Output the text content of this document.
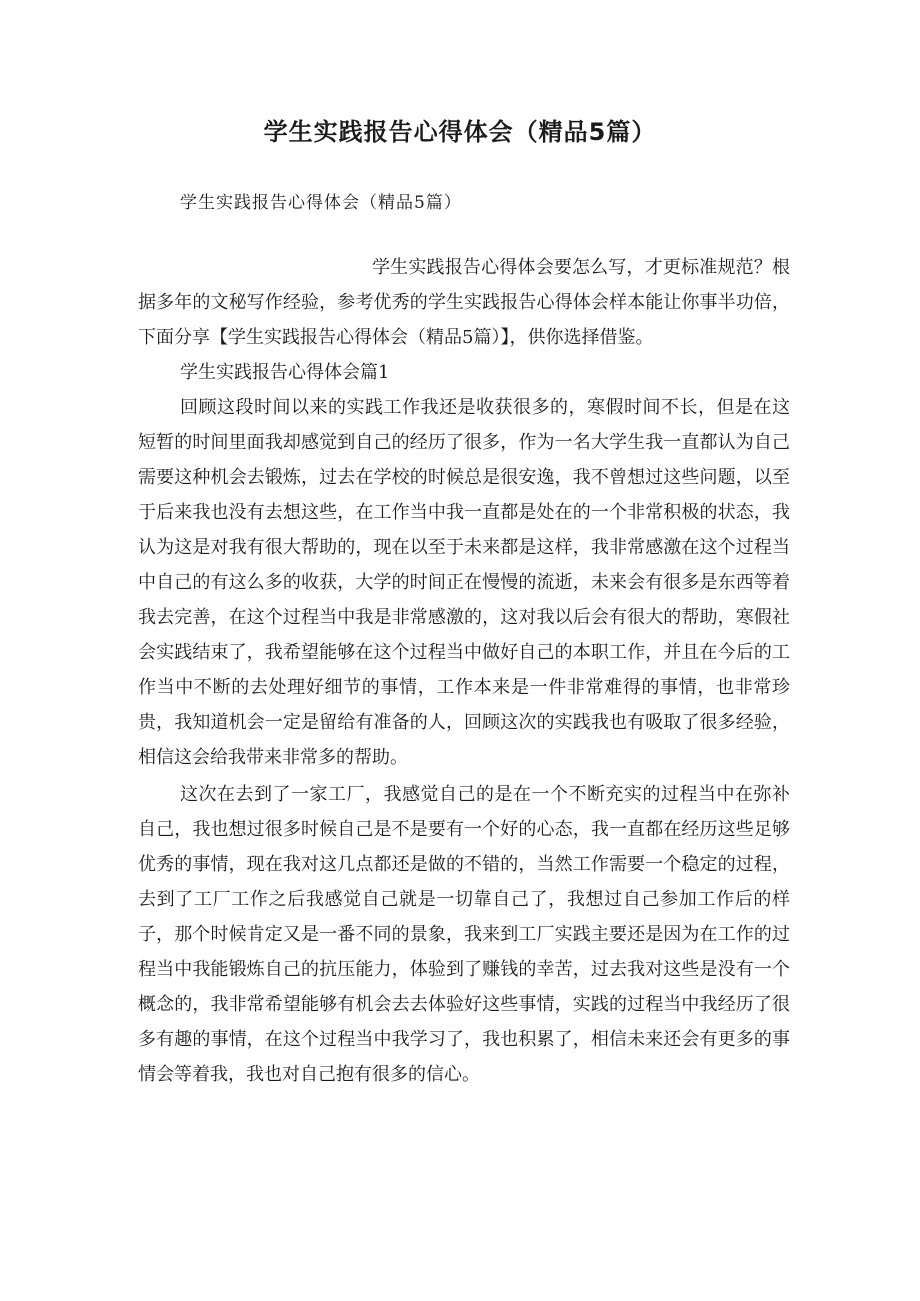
学生实践报告心得体会（精品5篇）

学生实践报告心得体会（精品5篇）

学生实践报告心得体会要怎么写，才更标准规范？根据多年的文秘写作经验，参考优秀的学生实践报告心得体会样本能让你事半功倍，下面分享【学生实践报告心得体会（精品5篇）】，供你选择借鉴。

学生实践报告心得体会篇1

回顾这段时间以来的实践工作我还是收获很多的，寒假时间不长，但是在这短暂的时间里面我却感觉到自己的经历了很多，作为一名大学生我一直都认为自己需要这种机会去锻炼，过去在学校的时候总是很安逸，我不曾想过这些问题，以至于后来我也没有去想这些，在工作当中我一直都是处在的一个非常积极的状态，我认为这是对我有很大帮助的，现在以至于未来都是这样，我非常感激在这个过程当中自己的有这么多的收获，大学的时间正在慢慢的流逝，未来会有很多是东西等着我去完善，在这个过程当中我是非常感激的，这对我以后会有很大的帮助，寒假社会实践结束了，我希望能够在这个过程当中做好自己的本职工作，并且在今后的工作当中不断的去处理好细节的事情，工作本来是一件非常难得的事情，也非常珍贵，我知道机会一定是留给有准备的人，回顾这次的实践我也有吸取了很多经验，相信这会给我带来非常多的帮助。

这次在去到了一家工厂，我感觉自己的是在一个不断充实的过程当中在弥补自己，我也想过很多时候自己是不是要有一个好的心态，我一直都在经历这些足够优秀的事情，现在我对这几点都还是做的不错的，当然工作需要一个稳定的过程，去到了工厂工作之后我感觉自己就是一切靠自己了，我想过自己参加工作后的样子，那个时候肯定又是一番不同的景象，我来到工厂实践主要还是因为在工作的过程当中我能锻炼自己的抗压能力，体验到了赚钱的幸苦，过去我对这些是没有一个概念的，我非常希望能够有机会去去体验好这些事情，实践的过程当中我经历了很多有趣的事情，在这个过程当中我学习了，我也积累了，相信未来还会有更多的事情会等着我，我也对自己抱有很多的信心。
